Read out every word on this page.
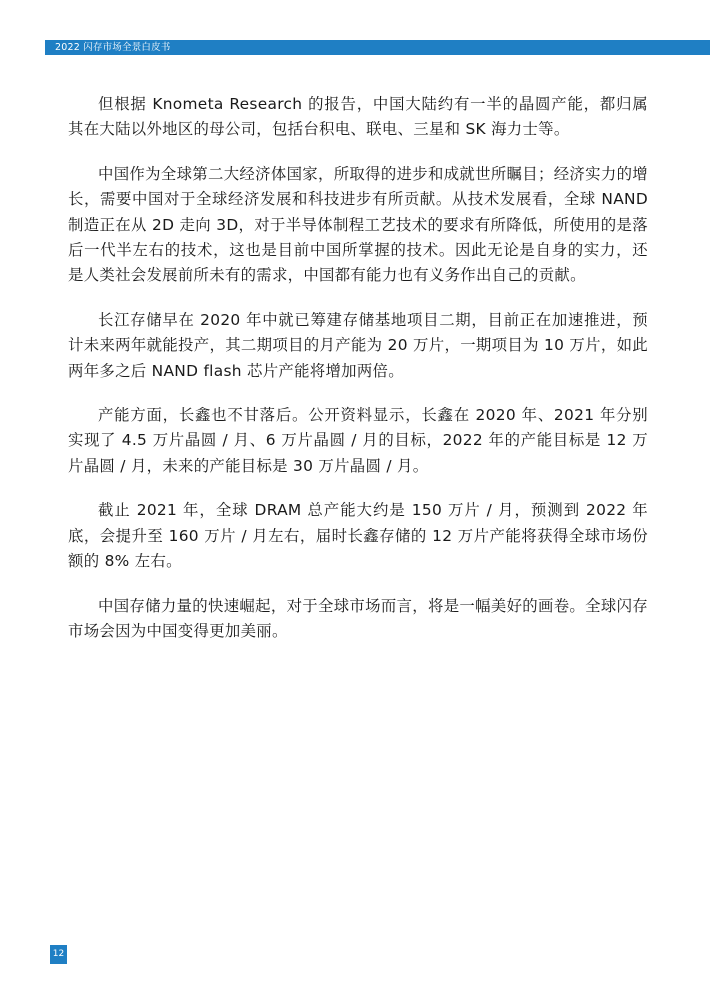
2022 闪存市场全景白皮书

但根据 Knometa Research 的报告，中国大陆约有一半的晶圆产能，都归属其在大陆以外地区的母公司，包括台积电、联电、三星和 SK 海力士等。

中国作为全球第二大经济体国家，所取得的进步和成就世所瞩目；经济实力的增长，需要中国对于全球经济发展和科技进步有所贡献。从技术发展看，全球 NAND 制造正在从 2D 走向 3D，对于半导体制程工艺技术的要求有所降低，所使用的是落后一代半左右的技术，这也是目前中国所掌握的技术。因此无论是自身的实力，还是人类社会发展前所未有的需求，中国都有能力也有义务作出自己的贡献。

长江存储早在 2020 年中就已筹建存储基地项目二期，目前正在加速推进，预计未来两年就能投产，其二期项目的月产能为 20 万片，一期项目为 10 万片，如此两年多之后 NAND flash 芯片产能将增加两倍。

产能方面，长鑫也不甘落后。公开资料显示，长鑫在 2020 年、2021 年分别实现了 4.5 万片晶圆 / 月、6 万片晶圆 / 月的目标，2022 年的产能目标是 12 万片晶圆 / 月，未来的产能目标是 30 万片晶圆 / 月。

截止 2021 年，全球 DRAM 总产能大约是 150 万片 / 月，预测到 2022 年底，会提升至 160 万片 / 月左右，届时长鑫存储的 12 万片产能将获得全球市场份额的 8% 左右。

中国存储力量的快速崛起，对于全球市场而言，将是一幅美好的画卷。全球闪存市场会因为中国变得更加美丽。

12
